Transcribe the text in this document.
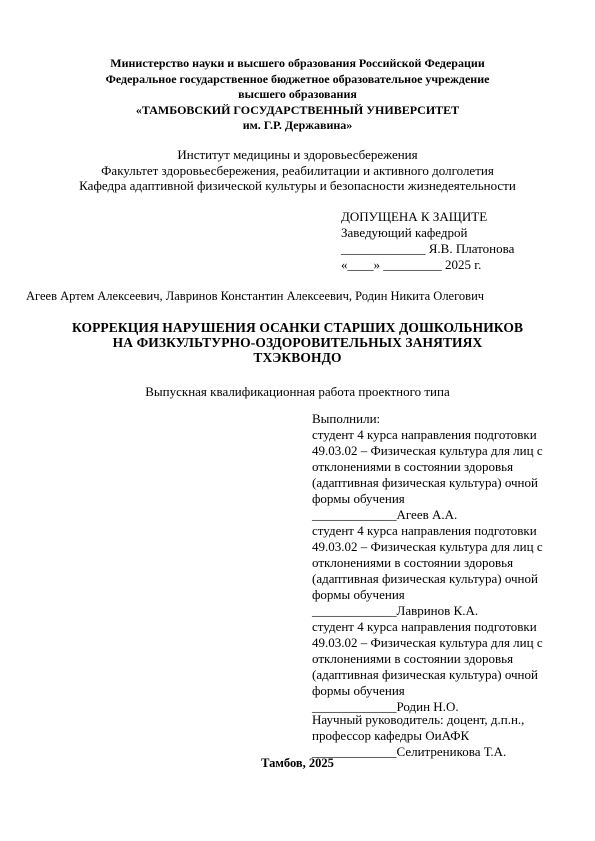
Министерство науки и высшего образования Российской Федерации
Федеральное государственное бюджетное образовательное учреждение
высшего образования
«ТАМБОВСКИЙ ГОСУДАРСТВЕННЫЙ УНИВЕРСИТЕТ
им. Г.Р. Державина»
Институт медицины и здоровьесбережения
Факультет здоровьесбережения, реабилитации и активного долголетия
Кафедра адаптивной физической культуры и безопасности жизнедеятельности
ДОПУЩЕНА К ЗАЩИТЕ
Заведующий кафедрой
_____________ Я.В. Платонова
«____» _________ 2025 г.
Агеев Артем Алексеевич, Лавринов Константин Алексеевич, Родин Никита Олегович
КОРРЕКЦИЯ НАРУШЕНИЯ ОСАНКИ СТАРШИХ ДОШКОЛЬНИКОВ
НА ФИЗКУЛЬТУРНО-ОЗДОРОВИТЕЛЬНЫХ ЗАНЯТИЯХ
ТХЭКВОНДО
Выпускная квалификационная работа проектного типа
Выполнили:
студент 4 курса направления подготовки
49.03.02 – Физическая культура для лиц с
отклонениями в состоянии здоровья
(адаптивная физическая культура) очной
формы обучения
_____________Агеев А.А.
студент 4 курса направления подготовки
49.03.02 – Физическая культура для лиц с
отклонениями в состоянии здоровья
(адаптивная физическая культура) очной
формы обучения
_____________Лавринов К.А.
студент 4 курса направления подготовки
49.03.02 – Физическая культура для лиц с
отклонениями в состоянии здоровья
(адаптивная физическая культура) очной
формы обучения
_____________Родин Н.О.
Научный руководитель: доцент, д.п.н.,
профессор кафедры ОиАФК
_____________Селитреникова Т.А.
Тамбов, 2025
